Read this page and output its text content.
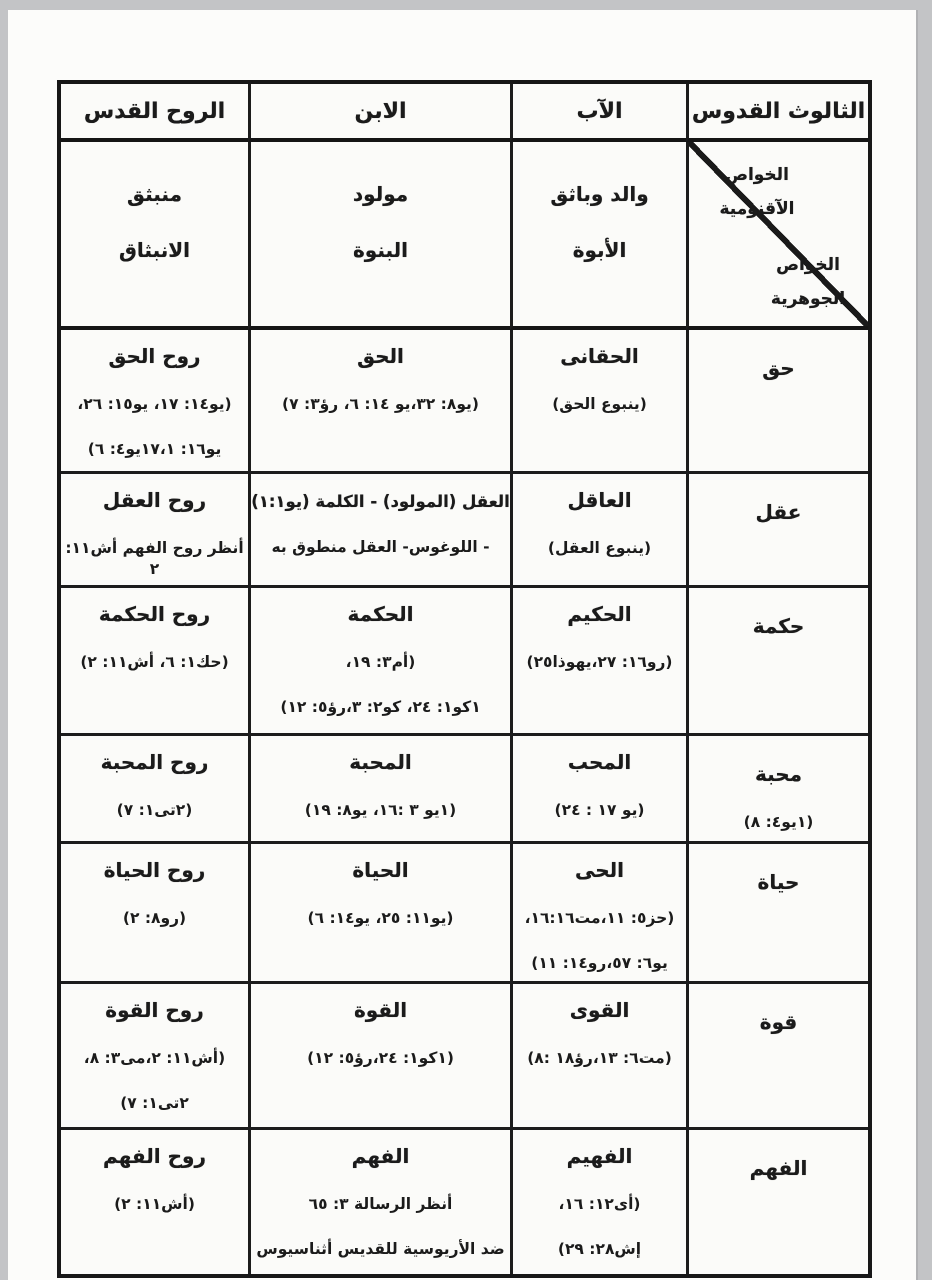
الثالوث القدوس
الآب
الابن
الروح القدس
الخواص
الآقنومية
الخواص
الجوهرية
والد وباثق
الأبوة
مولود
البنوة
منبثق
الانبثاق
حق
الحقانى
(ينبوع الحق)
الحق
(يو٨: ٣٢،يو ١٤: ٦، رؤ٣: ٧)
روح الحق
(يو١٤: ١٧، يو١٥: ٢٦،
يو١٦: ١٧،١يو٤: ٦)
عقل
العاقل
(ينبوع العقل)
العقل (المولود) - الكلمة (يو١:١)
- اللوغوس- العقل منطوق به
روح العقل
أنظر روح الفهم أش١١: ٢
حكمة
الحكيم
(رو١٦: ٢٧،يهوذا٢٥)
الحكمة
(أم٣: ١٩،
١كو١: ٢٤، كو٢: ٣،رؤ٥: ١٢)
روح الحكمة
(حك١: ٦، أش١١: ٢)
محبة
(١يو٤: ٨)
المحب
(يو ١٧ : ٢٤)
المحبة
(١يو ٣ :١٦، يو٨: ١٩)
روح المحبة
(٢تى١: ٧)
حياة
الحى
(حز٥: ١١،مت١٦:١٦،
يو٦: ٥٧،رو١٤: ١١)
الحياة
(يو١١: ٢٥، يو١٤: ٦)
روح الحياة
(رو٨: ٢)
قوة
القوى
(مت٦: ١٣،رؤ١٨ :٨)
القوة
(١كو١: ٢٤،رؤ٥: ١٢)
روح القوة
(أش١١: ٢،مى٣: ٨،
٢تى١: ٧)
الفهم
الفهيم
(أى١٢: ١٦،
إش٢٨: ٢٩)
الفهم
أنظر الرسالة ٣: ٦٥
ضد الأريوسية للقديس أثناسيوس
روح الفهم
(أش١١: ٢)
